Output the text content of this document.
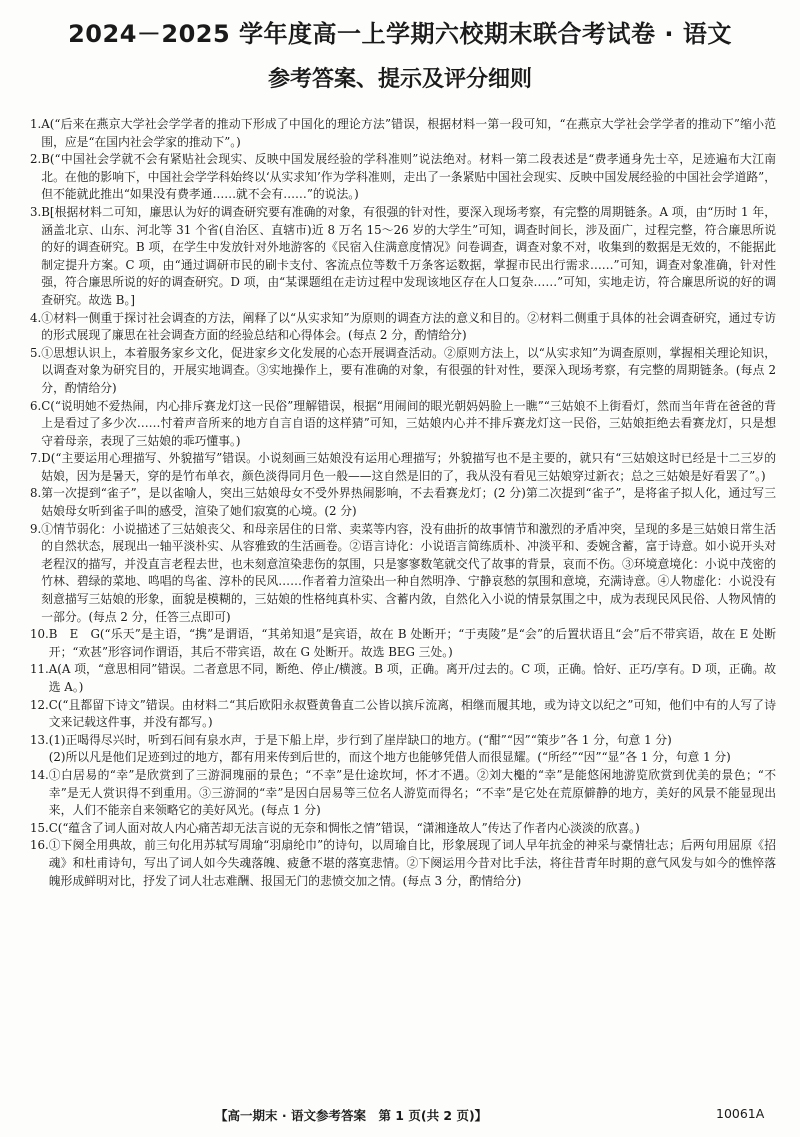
2024－2025 学年度高一上学期六校期末联合考试卷 · 语文
参考答案、提示及评分细则
1. A(“后来在燕京大学社会学学者的推动下形成了中国化的理论方法”错误，根据材料一第一段可知，“在燕京大学社会学学者的推动下”缩小范围，应是“在国内社会学家的推动下”。)
2. B(“中国社会学就不会有紧贴社会现实、反映中国发展经验的学科准则”说法绝对。材料一第二段表述是“费孝通身先士卒，足迹遍布大江南北。在他的影响下，中国社会学学科始终以‘从实求知’作为学科准则，走出了一条紧贴中国社会现实、反映中国发展经验的中国社会学道路”，但不能就此推出“如果没有费孝通……就不会有……”的说法。)
3. B[根据材料二可知，廉思认为好的调查研究要有准确的对象，有很强的针对性，要深入现场考察，有完整的周期链条。A 项，由“历时 1 年，涵盖北京、山东、河北等 31 个省(自治区、直辖市)近 8 万名 15～26 岁的大学生”可知，调查时间长，涉及面广，过程完整，符合廉思所说的好的调查研究。B 项，在学生中发放针对外地游客的《民宿入住满意度情况》问卷调查，调查对象不对，收集到的数据是无效的，不能据此制定提升方案。C 项，由“通过调研市民的刷卡支付、客流点位等数千万条客运数据，掌握市民出行需求……”可知，调查对象准确，针对性强，符合廉思所说的好的调查研究。D 项，由“某课题组在走访过程中发现该地区存在人口复杂……”可知，实地走访，符合廉思所说的好的调查研究。故选 B。]
4. ①材料一侧重于探讨社会调查的方法，阐释了以“从实求知”为原则的调查方法的意义和目的。②材料二侧重于具体的社会调查研究，通过专访的形式展现了廉思在社会调查方面的经验总结和心得体会。(每点 2 分，酌情给分)
5. ①思想认识上，本着服务家乡文化，促进家乡文化发展的心态开展调查活动。②原则方法上，以“从实求知”为调查原则，掌握相关理论知识，以调查对象为研究目的，开展实地调查。③实地操作上，要有准确的对象，有很强的针对性，要深入现场考察，有完整的周期链条。(每点 2 分，酌情给分)
6. C(“说明她不爱热闹，内心排斥赛龙灯这一民俗”理解错误，根据“用闹间的眼光朝妈妈脸上一瞧”“三姑娘不上街看灯，然而当年背在爸爸的背上是看过了多少次……忖着声音所来的地方自言自语的这样猜”可知，三姑娘内心并不排斥赛龙灯这一民俗，三姑娘拒绝去看赛龙灯，只是想守着母亲，表现了三姑娘的乖巧懂事。)
7. D(“主要运用心理描写、外貌描写”错误。小说刻画三姑娘没有运用心理描写；外貌描写也不是主要的，就只有“三姑娘这时已经是十二三岁的姑娘，因为是暑天，穿的是竹布单衣，颜色淡得同月色一般——这自然是旧的了，我从没有看见三姑娘穿过新衣；总之三姑娘是好看罢了”。)
8. 第一次提到“雀子”，是以雀喻人，突出三姑娘母女不受外界热闹影响，不去看赛龙灯；(2 分)第二次提到“雀子”，是将雀子拟人化，通过写三姑娘母女听到雀子叫的感受，渲染了她们寂寞的心境。(2 分)
9. ①情节弱化：小说描述了三姑娘丧父、和母亲居住的日常、卖菜等内容，没有曲折的故事情节和激烈的矛盾冲突，呈现的多是三姑娘日常生活的自然状态，展现出一轴平淡朴实、从容雅致的生活画卷。②语言诗化：小说语言简练质朴、冲淡平和、委婉含蓄，富于诗意。如小说开头对老程汉的描写，并没直言老程去世，也未刻意渲染悲伤的氛围，只是寥寥数笔就交代了故事的背景，哀而不伤。③环境意境化：小说中茂密的竹林、碧绿的菜地、鸣唱的鸟雀、淳朴的民风……作者着力渲染出一种自然明净、宁静哀愁的氛围和意境，充满诗意。④人物虚化：小说没有刻意描写三姑娘的形象，面貌是模糊的，三姑娘的性格纯真朴实、含蓄内敛，自然化入小说的情景氛围之中，成为表现民风民俗、人物风情的一部分。(每点 2 分，任答三点即可)
10. B　E　G(“乐天”是主语，“携”是谓语，“其弟知退”是宾语，故在 B 处断开；“于夷陵”是“会”的后置状语且“会”后不带宾语，故在 E 处断开；“欢甚”形容词作谓语，其后不带宾语，故在 G 处断开。故选 BEG 三处。)
11. A(A 项，“意思相同”错误。二者意思不同，断绝、停止/横渡。B 项，正确。离开/过去的。C 项，正确。恰好、正巧/享有。D 项，正确。故选 A。)
12. C(“且都留下诗文”错误。由材料二“其后欧阳永叔暨黄鲁直二公皆以摈斥流离，相继而履其地，或为诗文以纪之”可知，他们中有的人写了诗文来记载这件事，并没有都写。)
13. (1)正喝得尽兴时，听到石间有泉水声，于是下船上岸，步行到了崖岸缺口的地方。(“酣”“因”“策步”各 1 分，句意 1 分)
(2)所以凡是他们足迹到过的地方，都有用来传到后世的，而这个地方也能够凭借人而很显耀。(“所经”“因”“显”各 1 分，句意 1 分)
14. ①白居易的“幸”是欣赏到了三游洞瑰丽的景色；“不幸”是仕途坎坷，怀才不遇。②刘大櫆的“幸”是能悠闲地游览欣赏到优美的景色；“不幸”是无人赏识得不到重用。③三游洞的“幸”是因白居易等三位名人游览而得名；“不幸”是它处在荒原僻静的地方，美好的风景不能显现出来，人们不能亲自来领略它的美好风光。(每点 1 分)
15. C(“蕴含了词人面对故人内心痛苦却无法言说的无奈和惆怅之情”错误，“潇湘逢故人”传达了作者内心淡淡的欣喜。)
16. ①下阕全用典故，前三句化用苏轼写周瑜“羽扇纶巾”的诗句，以周瑜自比，形象展现了词人早年抗金的神采与豪情壮志；后两句用屈原《招魂》和杜甫诗句，写出了词人如今失魂落魄、疲惫不堪的落寞悲情。②下阕运用今昔对比手法，将往昔青年时期的意气风发与如今的憔悴落魄形成鲜明对比，抒发了词人壮志难酬、报国无门的悲愤交加之情。(每点 3 分，酌情给分)
【高一期末 · 语文参考答案　第 1 页(共 2 页)】	10061A
